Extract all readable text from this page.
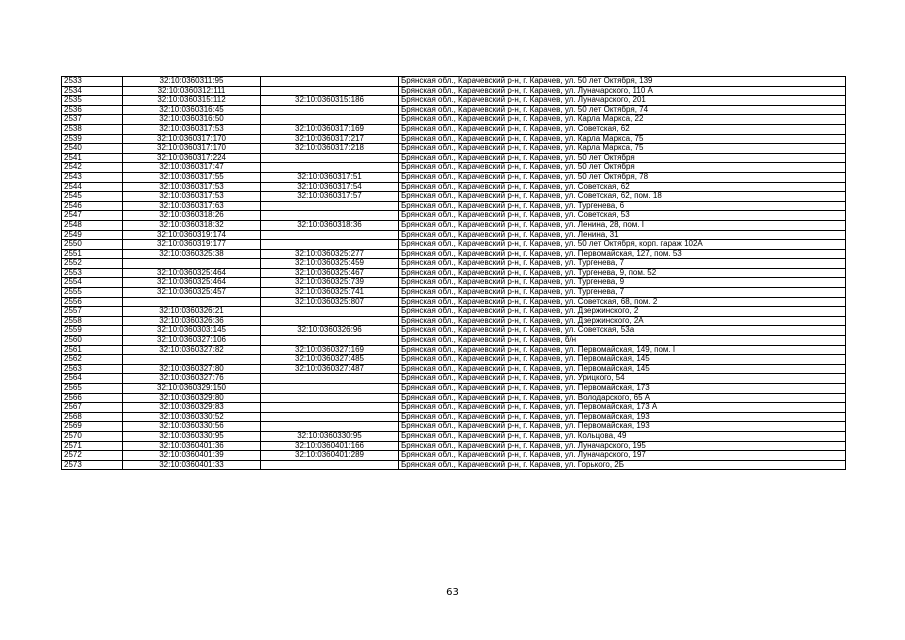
2533	32:10:0360311:95		Брянская обл., Карачевский р-н, г. Карачев, ул. 50 лет Октября, 139
2534	32:10:0360312:111		Брянская обл., Карачевский р-н, г. Карачев, ул. Луначарского, 110 А
2535	32:10:0360315:112	32:10:0360315:186	Брянская обл., Карачевский р-н, г. Карачев, ул. Луначарского, 201
2536	32:10:0360316:45		Брянская обл., Карачевский р-н, г. Карачев, ул. 50 лет Октября, 74
2537	32:10:0360316:50		Брянская обл., Карачевский р-н, г. Карачев, ул. Карла Маркса, 22
2538	32:10:0360317:53	32:10:0360317:169	Брянская обл., Карачевский р-н, г. Карачев, ул. Советская, 62
2539	32:10:0360317:170	32:10:0360317:217	Брянская обл., Карачевский р-н, г. Карачев, ул. Карла Маркса, 75
2540	32:10:0360317:170	32:10:0360317:218	Брянская обл., Карачевский р-н, г. Карачев, ул. Карла Маркса, 75
2541	32:10:0360317:224		Брянская обл., Карачевский р-н, г. Карачев, ул. 50 лет Октября
2542	32:10:0360317:47		Брянская обл., Карачевский р-н, г. Карачев, ул. 50 лет Октября
2543	32:10:0360317:55	32:10:0360317:51	Брянская обл., Карачевский р-н, г. Карачев, ул. 50 лет Октября, 78
2544	32:10:0360317:53	32:10:0360317:54	Брянская обл., Карачевский р-н, г. Карачев, ул. Советская, 62
2545	32:10:0360317:53	32:10:0360317:57	Брянская обл., Карачевский р-н, г. Карачев, ул. Советская, 62, пом. 18
2546	32:10:0360317:63		Брянская обл., Карачевский р-н, г. Карачев, ул. Тургенева, 6
2547	32:10:0360318:26		Брянская обл., Карачевский р-н, г. Карачев, ул. Советская, 53
2548	32:10:0360318:32	32:10:0360318:36	Брянская обл., Карачевский р-н, г. Карачев, ул. Ленина, 28, пом. I
2549	32:10:0360319:174		Брянская обл., Карачевский р-н, г. Карачев, ул. Ленина, 31
2550	32:10:0360319:177		Брянская обл., Карачевский р-н, г. Карачев, ул. 50 лет Октября, корп. гараж 102А
2551	32:10:0360325:38	32:10:0360325:277	Брянская обл., Карачевский р-н, г. Карачев, ул. Первомайская, 127, пом. 53
2552		32:10:0360325:459	Брянская обл., Карачевский р-н, г. Карачев, ул. Тургенева, 7
2553	32:10:0360325:464	32:10:0360325:467	Брянская обл., Карачевский р-н, г. Карачев, ул. Тургенева, 9, пом. 52
2554	32:10:0360325:464	32:10:0360325:739	Брянская обл., Карачевский р-н, г. Карачев, ул. Тургенева, 9
2555	32:10:0360325:457	32:10:0360325:741	Брянская обл., Карачевский р-н, г. Карачев, ул. Тургенева, 7
2556		32:10:0360325:807	Брянская обл., Карачевский р-н, г. Карачев, ул. Советская, 68, пом. 2
2557	32:10:0360326:21		Брянская обл., Карачевский р-н, г. Карачев, ул. Дзержинского, 2
2558	32:10:0360326:36		Брянская обл., Карачевский р-н, г. Карачев, ул. Дзержинского, 2А
2559	32:10:0360303:145	32:10:0360326:96	Брянская обл., Карачевский р-н, г. Карачев, ул. Советская, 53а
2560	32:10:0360327:106		Брянская обл., Карачевский р-н, г. Карачев, б/н
2561	32:10:0360327:82	32:10:0360327:169	Брянская обл., Карачевский р-н, г. Карачев, ул. Первомайская, 149, пом. I
2562		32:10:0360327:485	Брянская обл., Карачевский р-н, г. Карачев, ул. Первомайская, 145
2563	32:10:0360327:80	32:10:0360327:487	Брянская обл., Карачевский р-н, г. Карачев, ул. Первомайская, 145
2564	32:10:0360327:76		Брянская обл., Карачевский р-н, г. Карачев, ул. Урицкого, 54
2565	32:10:0360329:150		Брянская обл., Карачевский р-н, г. Карачев, ул. Первомайская, 173
2566	32:10:0360329:80		Брянская обл., Карачевский р-н, г. Карачев, ул. Володарского, 65 А
2567	32:10:0360329:83		Брянская обл., Карачевский р-н, г. Карачев, ул. Первомайская, 173 А
2568	32:10:0360330:52		Брянская обл., Карачевский р-н, г. Карачев, ул. Первомайская, 193
2569	32:10:0360330:56		Брянская обл., Карачевский р-н, г. Карачев, ул. Первомайская, 193
2570	32:10:0360330:95	32:10:0360330:95	Брянская обл., Карачевский р-н, г. Карачев, ул. Кольцова, 49
2571	32:10:0360401:36	32:10:0360401:166	Брянская обл., Карачевский р-н, г. Карачев, ул. Луначарского, 195
2572	32:10:0360401:39	32:10:0360401:289	Брянская обл., Карачевский р-н, г. Карачев, ул. Луначарского, 197
2573	32:10:0360401:33		Брянская обл., Карачевский р-н, г. Карачев, ул. Горького, 2Б
63
